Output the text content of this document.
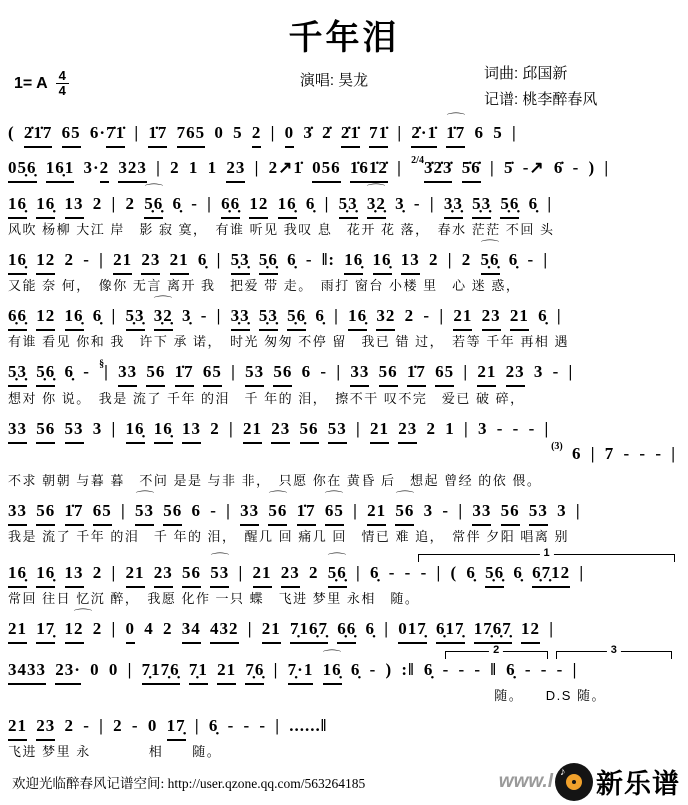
千年泪
1= A $\frac{4}{4}$	演唱: 昊龙	词曲: 邱国新
记谱: 桃李醉春风
( 2̇1̇7 65 6·7̇1̇ | 1̇7 765 0 5 2 | 0 3̇ 2̇ 2̇1̇ 71̇ | 2̇·1̇ ⌒ 1̇7 6 5 |
05̣6̣ 16̣1 3·2 323 | 2 1 1 23 | 2↗1̇ 056 1̇61̇2̇ | $^{2/4}$3̇2̇3̇ 5̇6̇ | 5̇ -↗ 6̇ - ) |
16̣ 16̣ 13 2 | 2 ⌒ 5̣6̣ 6̣ - | 6̣6̣ 12 16̣ 6̣ | 5̣3̣ ⌒ 3̣2̣ 3̣ - | 3̣3̣ 5̣3̣ 5̣6̣ 6̣ |
风吹 杨柳 大江 岸　影 寂 寞，　有谁 听见 我叹 息　花开 花 落，　春水 茫茫 不回 头
16̣ 12 2 - | 21 23 21 6̣ | 5̣3̣ 5̣6̣ 6̣ - ‖: 16̣ 16̣ 13 2 | 2 ⌒ 5̣6̣ 6̣ - |
又能 奈 何，　像你 无言 离开 我　把爱 带 走。　雨打 窗台 小楼 里　心 迷 惑，
6̣6̣ 12 16̣ 6̣ | 5̣3̣ ⌒ 3̣2̣ 3̣ - | 3̣3̣ 5̣3̣ 5̣6̣ 6̣ | 16̣ 32 2 - | 21 23 21 6̣ |
有谁 看见 你和 我　许下 承 诺，　时光 匆匆 不停 留　我已 错 过，　若等 千年 再相 遇
5̣3̣ 5̣6̣ 6̣ - §| 33 56 1̇7 65 | 53 56 6 - | 33 56 1̇7 65 | 21 23 3 - |
想对 你 说。　我是 流了 千年 的泪　千 年的 泪，　擦不干 叹不完　爱已 破 碎，
33 56 53 3 | 16̣ 16̣ 13 2 | 21 23 56 53 | 21 23 2 1 | 3 - - - |
$^{(3)}$ 6 | 7 - - - |
不求 朝朝 与暮 暮　不问 是是 与非 非，　只愿 你在 黄昏 后　想起 曾经 的依 偎。
33 56 1̇7 65 | ⌒ 53 56 6 - | 33 ⌒ 56 1̇7 ⌒ 65 | 21 ⌒ 56 3 - | 33 56 53 3 |
我是 流了 千年 的泪　千 年的 泪，　醒几 回 痛几 回　情已 难 追，　常伴 夕阳 唱离 别
1
16̣ 16̣ 13 2 | 21 23 56 ⌒ 53 | 21 23 2 ⌒ 5̣6̣ | 6̣ - - - | ( 6̣ 5̣6̣ 6̣ 6̣7̣12 |
常回 往日 忆沉 醉，　我愿 化作 一只 蝶　飞进 梦里 永相　随。
21 17̣ ⌒ 12 2 | 0 4 2 34 432 | 21 7̣16̣7̣ 6̣6̣ 6̣ | 017̣ 6̣17̣ 17̣6̣7̣ 12 |
2	3
3433 23· 0 0 | 7̣17̣6̣ 7̣1 21 7̣6̣ | 7̣·1 ⌒ 16̣ 6̣ - ) :‖ 6̣ - - - ‖ 6̣ - - - |
随。　　D.S 随。
21 23 2 - | 2 - 0 17̣ | 6̣ - - - | ......‖
飞进 梦里 永　　　　相　　随。
欢迎光临醉春风记谱空间: http://user.qzone.qq.com/563264185	www.l ♪ 新乐谱
